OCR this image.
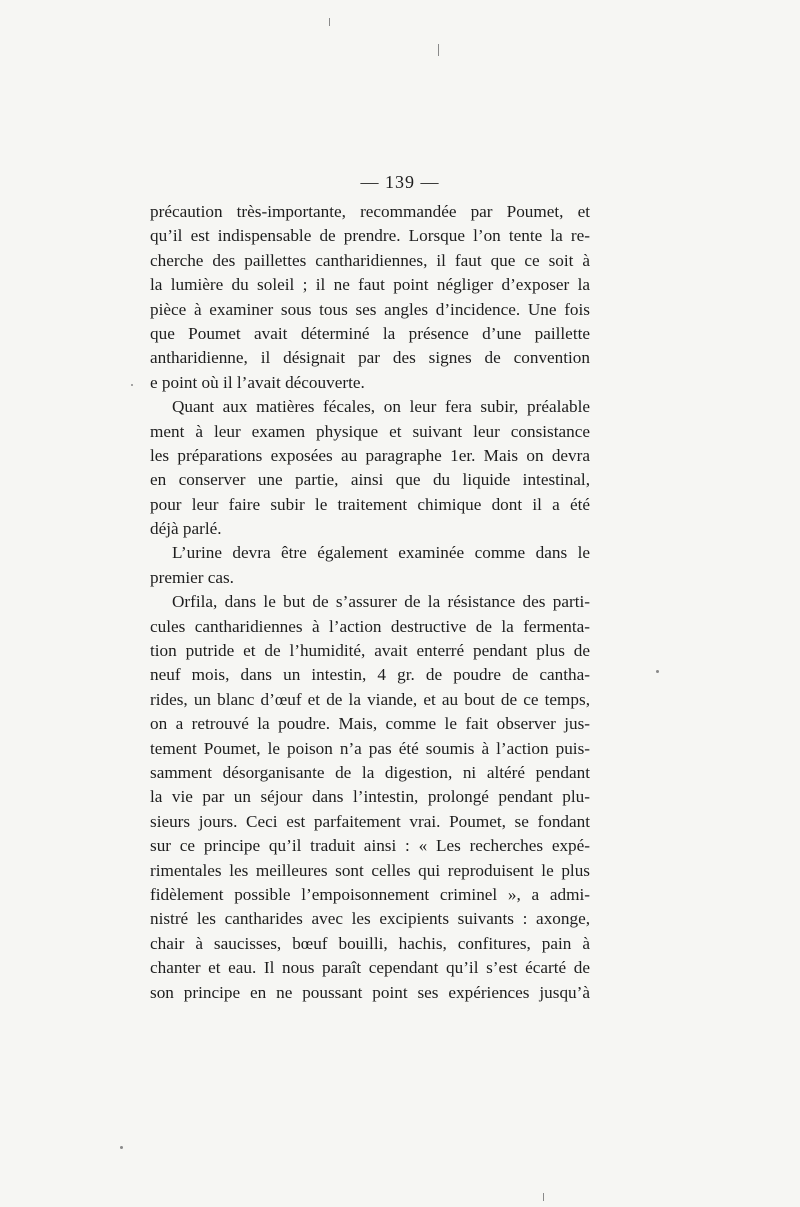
— 139 —
précaution très-importante, recommandée par Poumet, et
qu’il est indispensable de prendre. Lorsque l’on tente la re-
cherche des paillettes cantharidiennes, il faut que ce soit à
la lumière du soleil ; il ne faut point négliger d’exposer la
pièce à examiner sous tous ses angles d’incidence. Une fois
que Poumet avait déterminé la présence d’une paillette
antharidienne, il désignait par des signes de convention
e point où il l’avait découverte.
Quant aux matières fécales, on leur fera subir, préalable
ment à leur examen physique et suivant leur consistance
les préparations exposées au paragraphe 1er. Mais on devra
en conserver une partie, ainsi que du liquide intestinal,
pour leur faire subir le traitement chimique dont il a été
déjà parlé.
L’urine devra être également examinée comme dans le
premier cas.
Orfila, dans le but de s’assurer de la résistance des parti-
cules cantharidiennes à l’action destructive de la fermenta-
tion putride et de l’humidité, avait enterré pendant plus de
neuf mois, dans un intestin, 4 gr. de poudre de cantha-
rides, un blanc d’œuf et de la viande, et au bout de ce temps,
on a retrouvé la poudre. Mais, comme le fait observer jus-
tement Poumet, le poison n’a pas été soumis à l’action puis-
samment désorganisante de la digestion, ni altéré pendant
la vie par un séjour dans l’intestin, prolongé pendant plu-
sieurs jours. Ceci est parfaitement vrai. Poumet, se fondant
sur ce principe qu’il traduit ainsi : « Les recherches expé-
rimentales les meilleures sont celles qui reproduisent le plus
fidèlement possible l’empoisonnement criminel », a admi-
nistré les cantharides avec les excipients suivants : axonge,
chair à saucisses, bœuf bouilli, hachis, confitures, pain à
chanter et eau. Il nous paraît cependant qu’il s’est écarté de
son principe en ne poussant point ses expériences jusqu’à
